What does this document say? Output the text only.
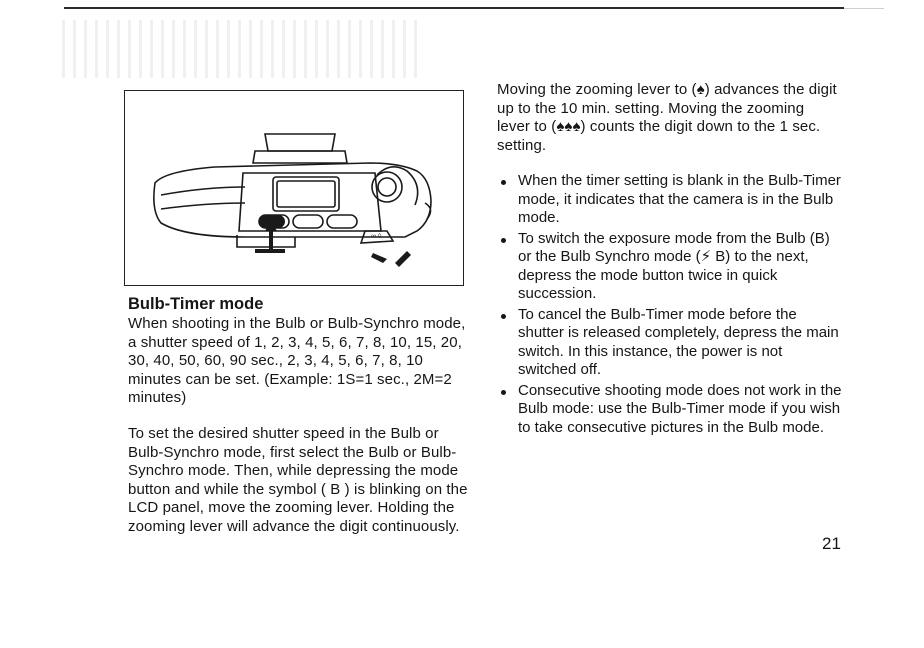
∞ ◊
Bulb-Timer mode

When shooting in the Bulb or Bulb-Synchro mode, a shutter speed of 1, 2, 3, 4, 5, 6, 7, 8, 10, 15, 20, 30, 40, 50, 60, 90 sec., 2, 3, 4, 5, 6, 7, 8, 10 minutes can be set. (Example: 1S=1 sec., 2M=2 minutes)

To set the desired shutter speed in the Bulb or Bulb-Synchro mode, first select the Bulb or Bulb-Synchro mode. Then, while depressing the mode button and while the symbol ( B ) is blinking on the LCD panel, move the zooming lever. Holding the zooming lever will advance the digit continuously.

Moving the zooming lever to (♠) advances the digit up to the 10 min. setting. Moving the zooming lever to (♠♠♠) counts the digit down to the 1 sec. setting.

When the timer setting is blank in the Bulb-Timer mode, it indicates that the camera is in the Bulb mode.
To switch the exposure mode from the Bulb (B) or the Bulb Synchro mode (⚡ B) to the next, depress the mode button twice in quick succession.
To cancel the Bulb-Timer mode before the shutter is released completely, depress the main switch. In this instance, the power is not switched off.
Consecutive shooting mode does not work in the Bulb mode: use the Bulb-Timer mode if you wish to take consecutive pictures in the Bulb mode.

21
